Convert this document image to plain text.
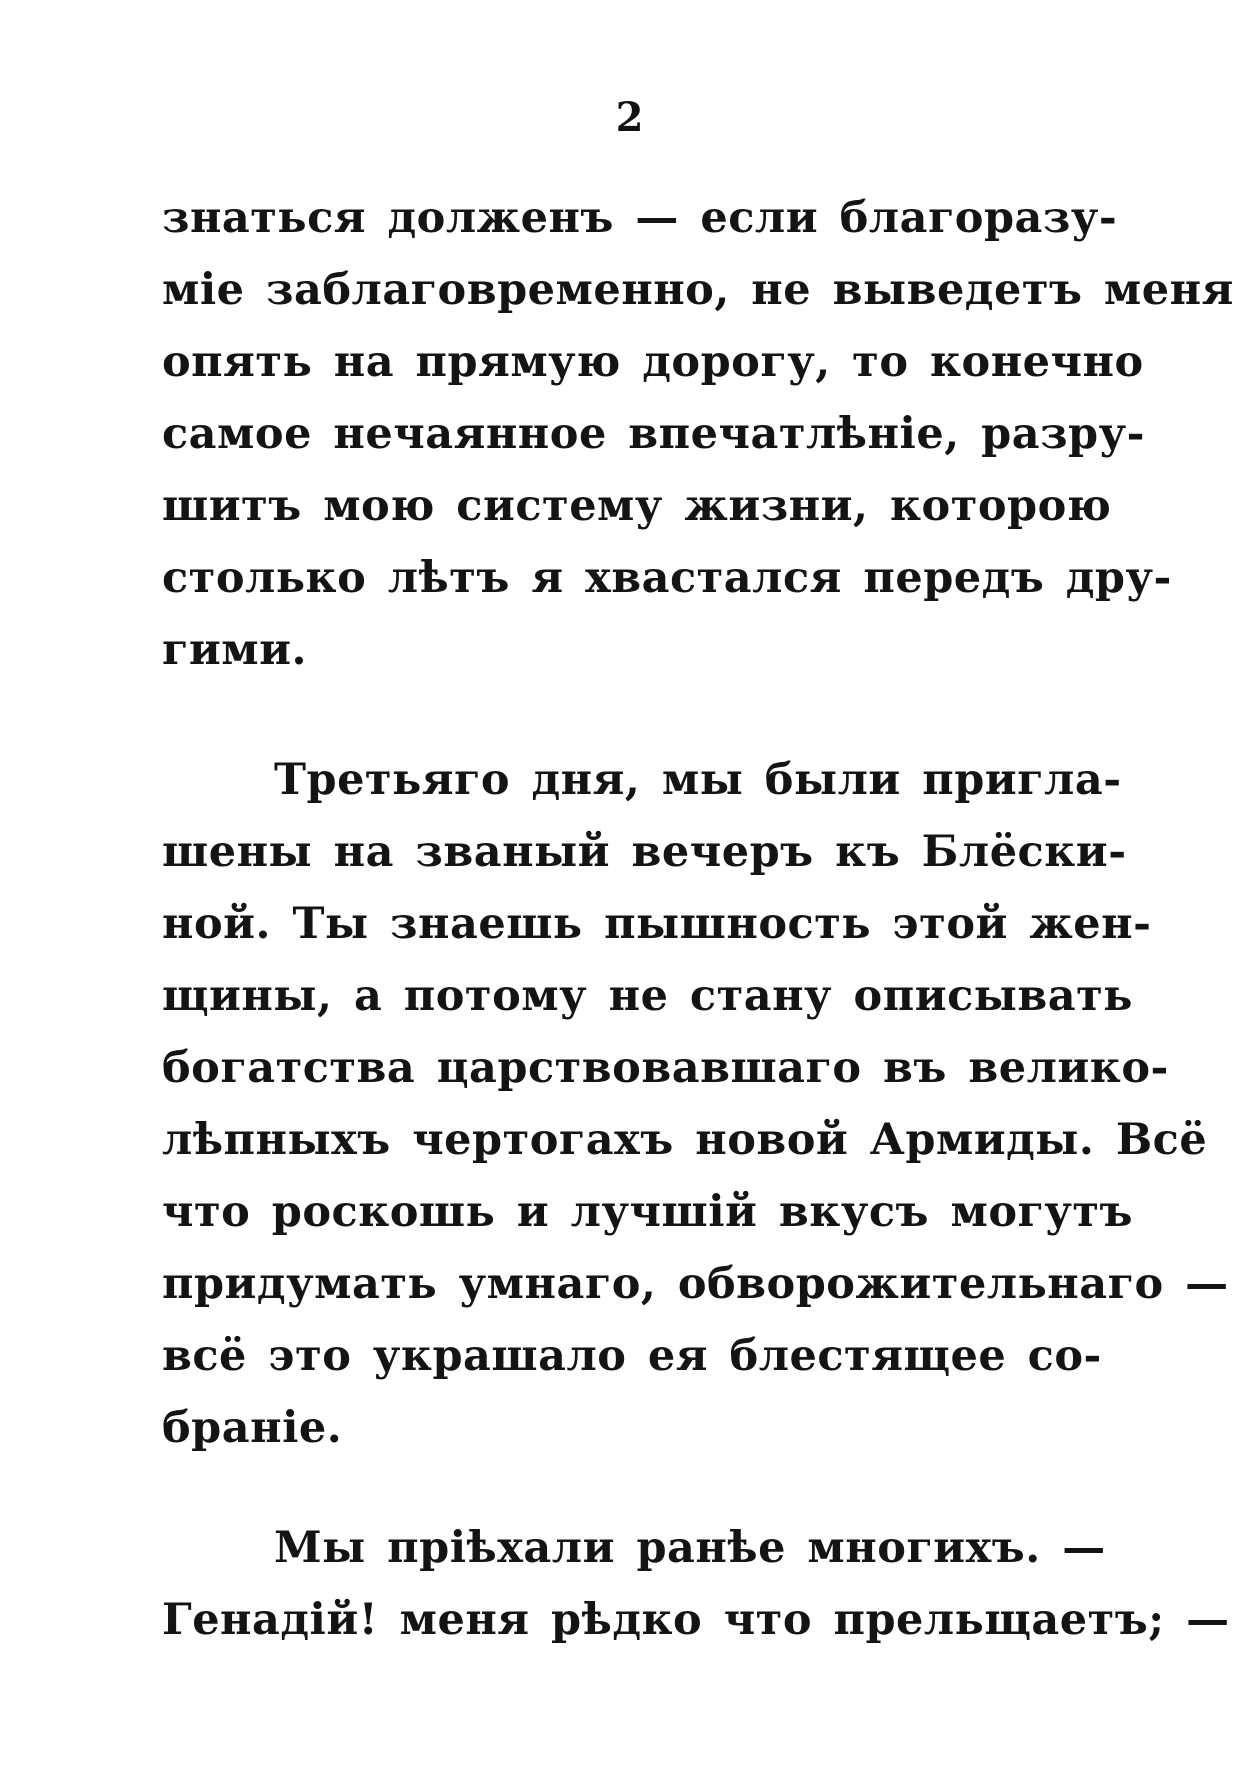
2
знаться долженъ — если благоразу-
міе заблаговременно, не выведетъ меня
опять на прямую дорогу, то конечно
самое нечаянное впечатлѣніе, разру-
шитъ мою систему жизни, которою
столько лѣтъ я хвастался передъ дру-
гими.
Третьяго дня, мы были пригла-
шены на званый вечеръ къ Блёски-
ной. Ты знаешь пышность этой жен-
щины, а потому не стану описывать
богатства царствовавшаго въ велико-
лѣпныхъ чертогахъ новой Армиды. Всё
что роскошь и лучшій вкусъ могутъ
придумать умнаго, обворожительнаго —
всё это украшало ея блестящее со-
браніе.
Мы пріѣхали ранѣе многихъ. —
Генадій! меня рѣдко что прельщаетъ; —
